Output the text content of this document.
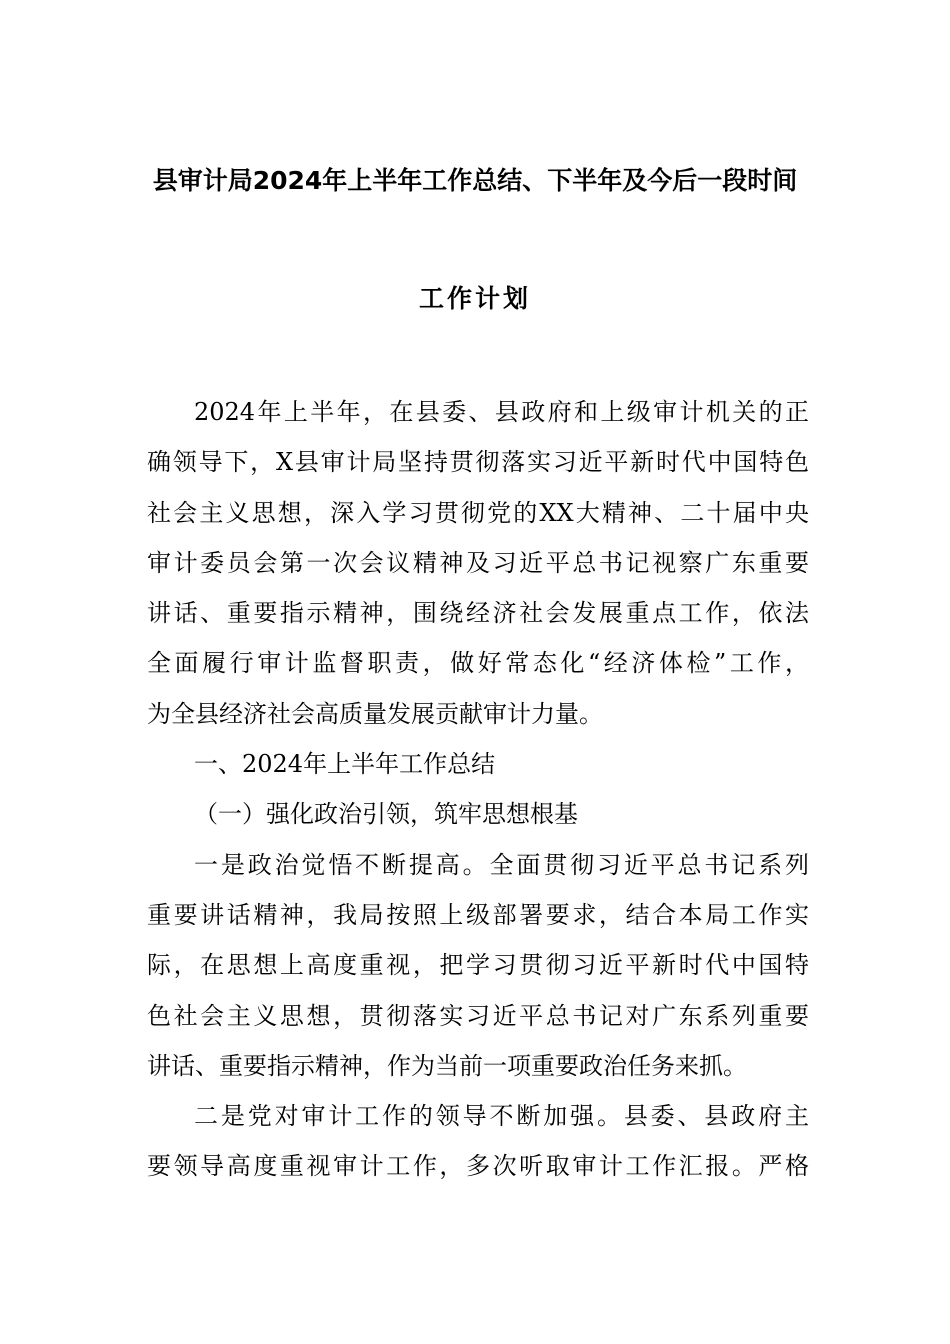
县审计局2024年上半年工作总结、下半年及今后一段时间
工作计划
2024年上半年，在县委、县政府和上级审计机关的正
确领导下，X县审计局坚持贯彻落实习近平新时代中国特色
社会主义思想，深入学习贯彻党的XX大精神、二十届中央
审计委员会第一次会议精神及习近平总书记视察广东重要
讲话、重要指示精神，围绕经济社会发展重点工作，依法
全面履行审计监督职责，做好常态化“经济体检”工作，
为全县经济社会高质量发展贡献审计力量。
一、2024年上半年工作总结
（一）强化政治引领，筑牢思想根基
一是政治觉悟不断提高。全面贯彻习近平总书记系列
重要讲话精神，我局按照上级部署要求，结合本局工作实
际，在思想上高度重视，把学习贯彻习近平新时代中国特
色社会主义思想，贯彻落实习近平总书记对广东系列重要
讲话、重要指示精神，作为当前一项重要政治任务来抓。
二是党对审计工作的领导不断加强。县委、县政府主
要领导高度重视审计工作，多次听取审计工作汇报。严格
